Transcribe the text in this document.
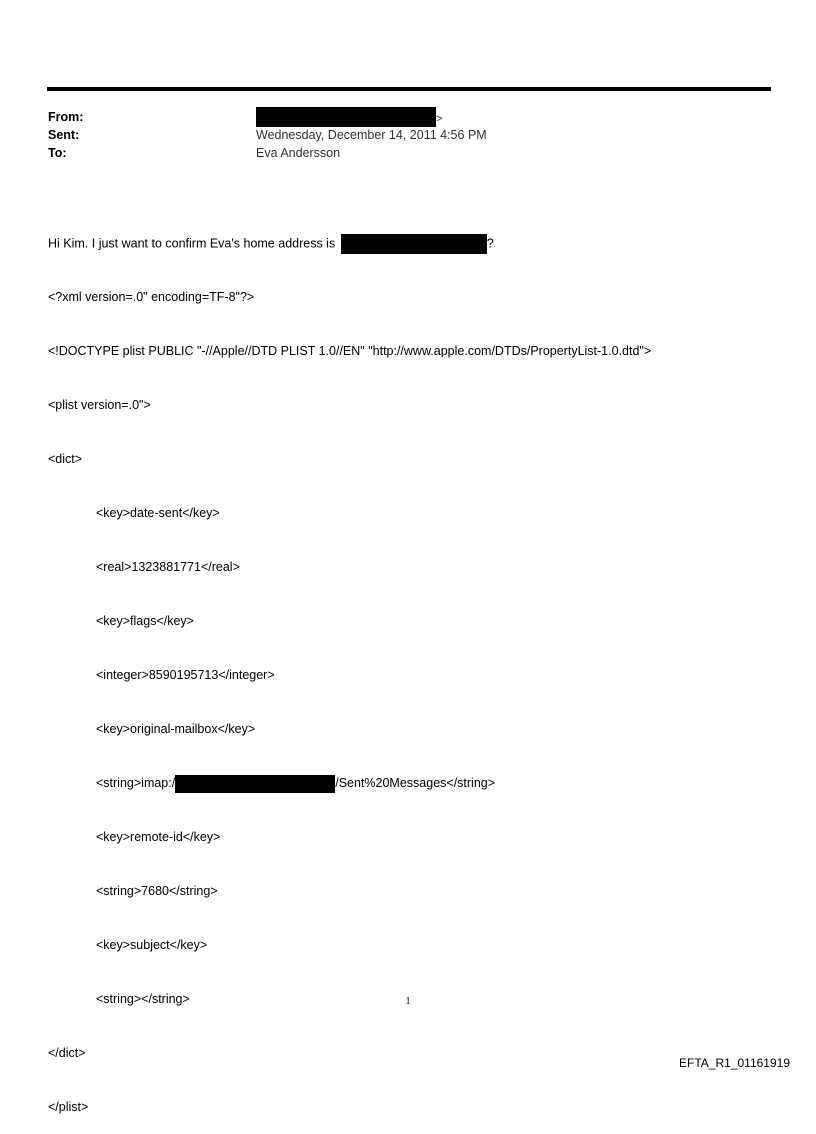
From:	>
Sent:	Wednesday, December 14, 2011 4:56 PM
To:	Eva Andersson

Hi Kim. I just want to confirm Eva's home address is	?

<?xml version=.0" encoding=TF-8"?>

<!DOCTYPE plist PUBLIC "-//Apple//DTD PLIST 1.0//EN" "http://www.apple.com/DTDs/PropertyList-1.0.dtd">

<plist version=.0">

<dict>

<key>date-sent</key>

<real>1323881771</real>

<key>flags</key>

<integer>8590195713</integer>

<key>original-mailbox</key>

<string>imap:/	/Sent%20Messages</string>

<key>remote-id</key>

<string>7680</string>

<key>subject</key>

<string></string>

</dict>

</plist>

1
EFTA_R1_01161919
